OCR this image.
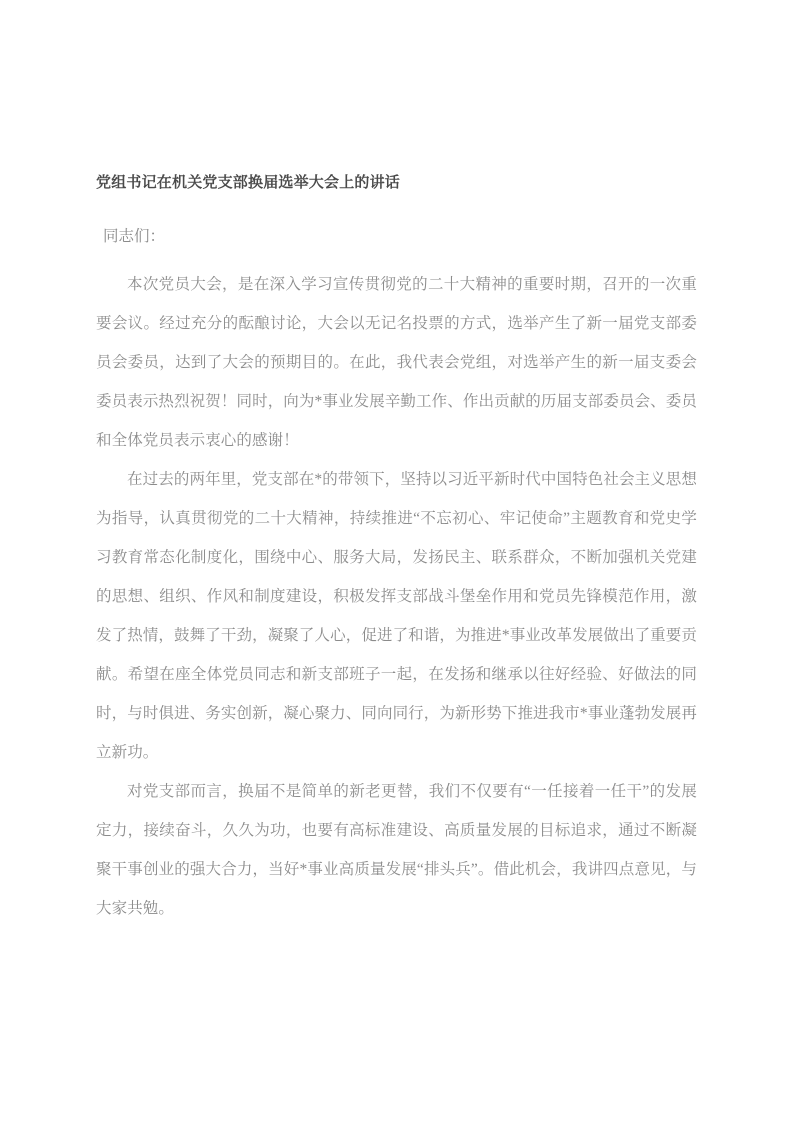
党组书记在机关党支部换届选举大会上的讲话

同志们：

本次党员大会，是在深入学习宣传贯彻党的二十大精神的重要时期，召开的一次重要会议。经过充分的酝酿讨论，大会以无记名投票的方式，选举产生了新一届党支部委员会委员，达到了大会的预期目的。在此，我代表会党组，对选举产生的新一届支委会委员表示热烈祝贺！同时，向为*事业发展辛勤工作、作出贡献的历届支部委员会、委员和全体党员表示衷心的感谢！

在过去的两年里，党支部在*的带领下，坚持以习近平新时代中国特色社会主义思想为指导，认真贯彻党的二十大精神，持续推进“不忘初心、牢记使命”主题教育和党史学习教育常态化制度化，围绕中心、服务大局，发扬民主、联系群众，不断加强机关党建的思想、组织、作风和制度建设，积极发挥支部战斗堡垒作用和党员先锋模范作用，激发了热情，鼓舞了干劲，凝聚了人心，促进了和谐，为推进*事业改革发展做出了重要贡献。希望在座全体党员同志和新支部班子一起，在发扬和继承以往好经验、好做法的同时，与时俱进、务实创新，凝心聚力、同向同行，为新形势下推进我市*事业蓬勃发展再立新功。

对党支部而言，换届不是简单的新老更替，我们不仅要有“一任接着一任干”的发展定力，接续奋斗，久久为功，也要有高标准建设、高质量发展的目标追求，通过不断凝聚干事创业的强大合力，当好*事业高质量发展“排头兵”。借此机会，我讲四点意见，与大家共勉。
